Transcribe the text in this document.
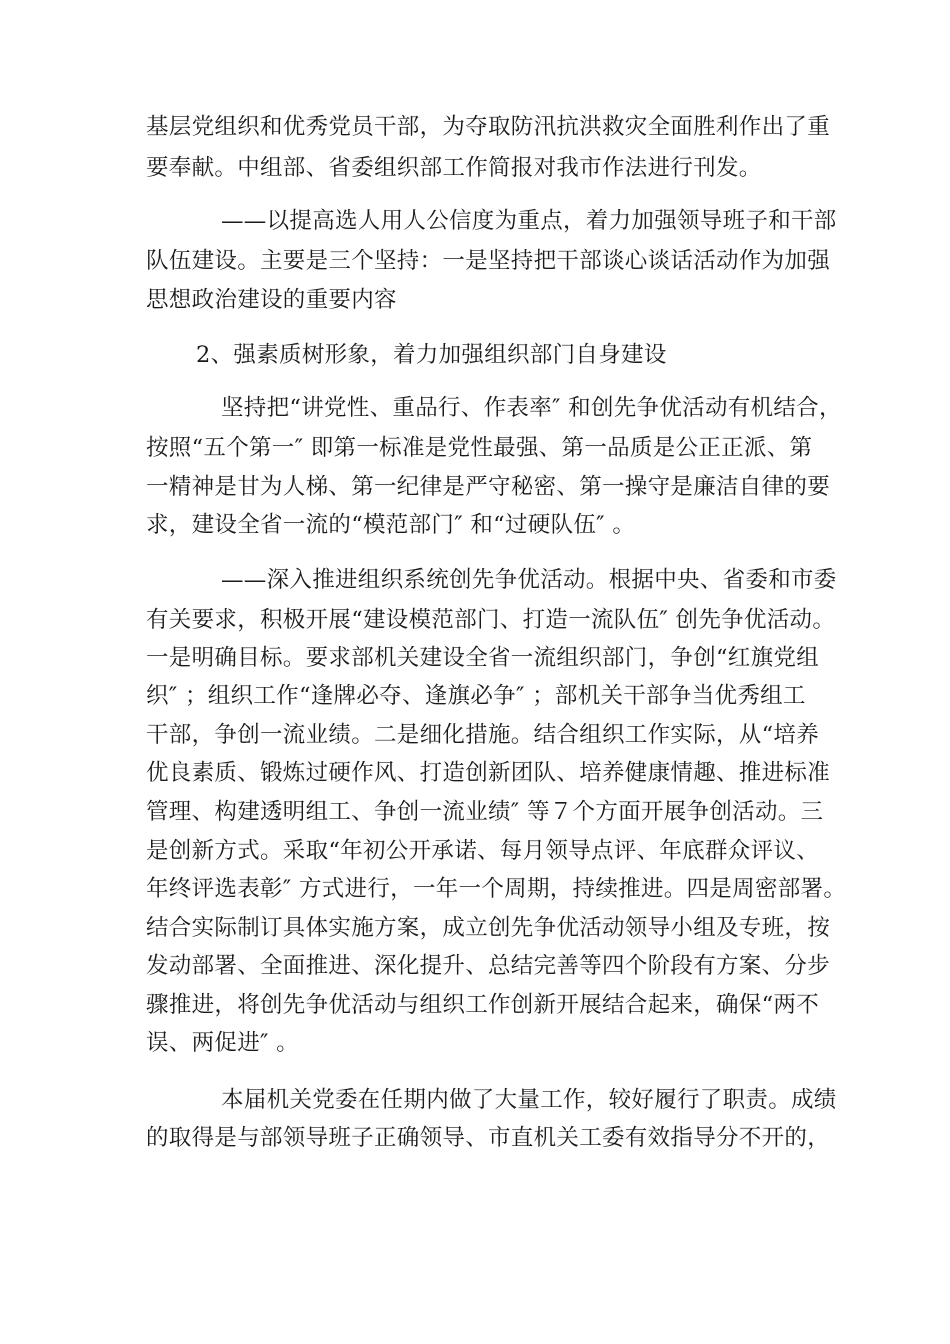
基层党组织和优秀党员干部，为夺取防汛抗洪救灾全面胜利作出了重
要奉献。中组部、省委组织部工作简报对我市作法进行刊发。
——以提高选人用人公信度为重点，着力加强领导班子和干部
队伍建设。主要是三个坚持：一是坚持把干部谈心谈话活动作为加强
思想政治建设的重要内容
2、强素质树形象，着力加强组织部门自身建设
坚持把“讲党性、重品行、作表率″ 和创先争优活动有机结合，
按照“五个第一″ 即第一标准是党性最强、第一品质是公正正派、第
一精神是甘为人梯、第一纪律是严守秘密、第一操守是廉洁自律的要
求，建设全省一流的“模范部门″ 和“过硬队伍″ 。
——深入推进组织系统创先争优活动。根据中央、省委和市委
有关要求，积极开展“建设模范部门、打造一流队伍″ 创先争优活动。
一是明确目标。要求部机关建设全省一流组织部门，争创“红旗党组
织″ ；组织工作“逢牌必夺、逢旗必争″ ；部机关干部争当优秀组工
干部，争创一流业绩。二是细化措施。结合组织工作实际，从“培养
优良素质、锻炼过硬作风、打造创新团队、培养健康情趣、推进标准
管理、构建透明组工、争创一流业绩″ 等７个方面开展争创活动。三
是创新方式。采取“年初公开承诺、每月领导点评、年底群众评议、
年终评选表彰″ 方式进行，一年一个周期，持续推进。四是周密部署。
结合实际制订具体实施方案，成立创先争优活动领导小组及专班，按
发动部署、全面推进、深化提升、总结完善等四个阶段有方案、分步
骤推进，将创先争优活动与组织工作创新开展结合起来，确保“两不
误、两促进″ 。
本届机关党委在任期内做了大量工作，较好履行了职责。成绩
的取得是与部领导班子正确领导、市直机关工委有效指导分不开的，
